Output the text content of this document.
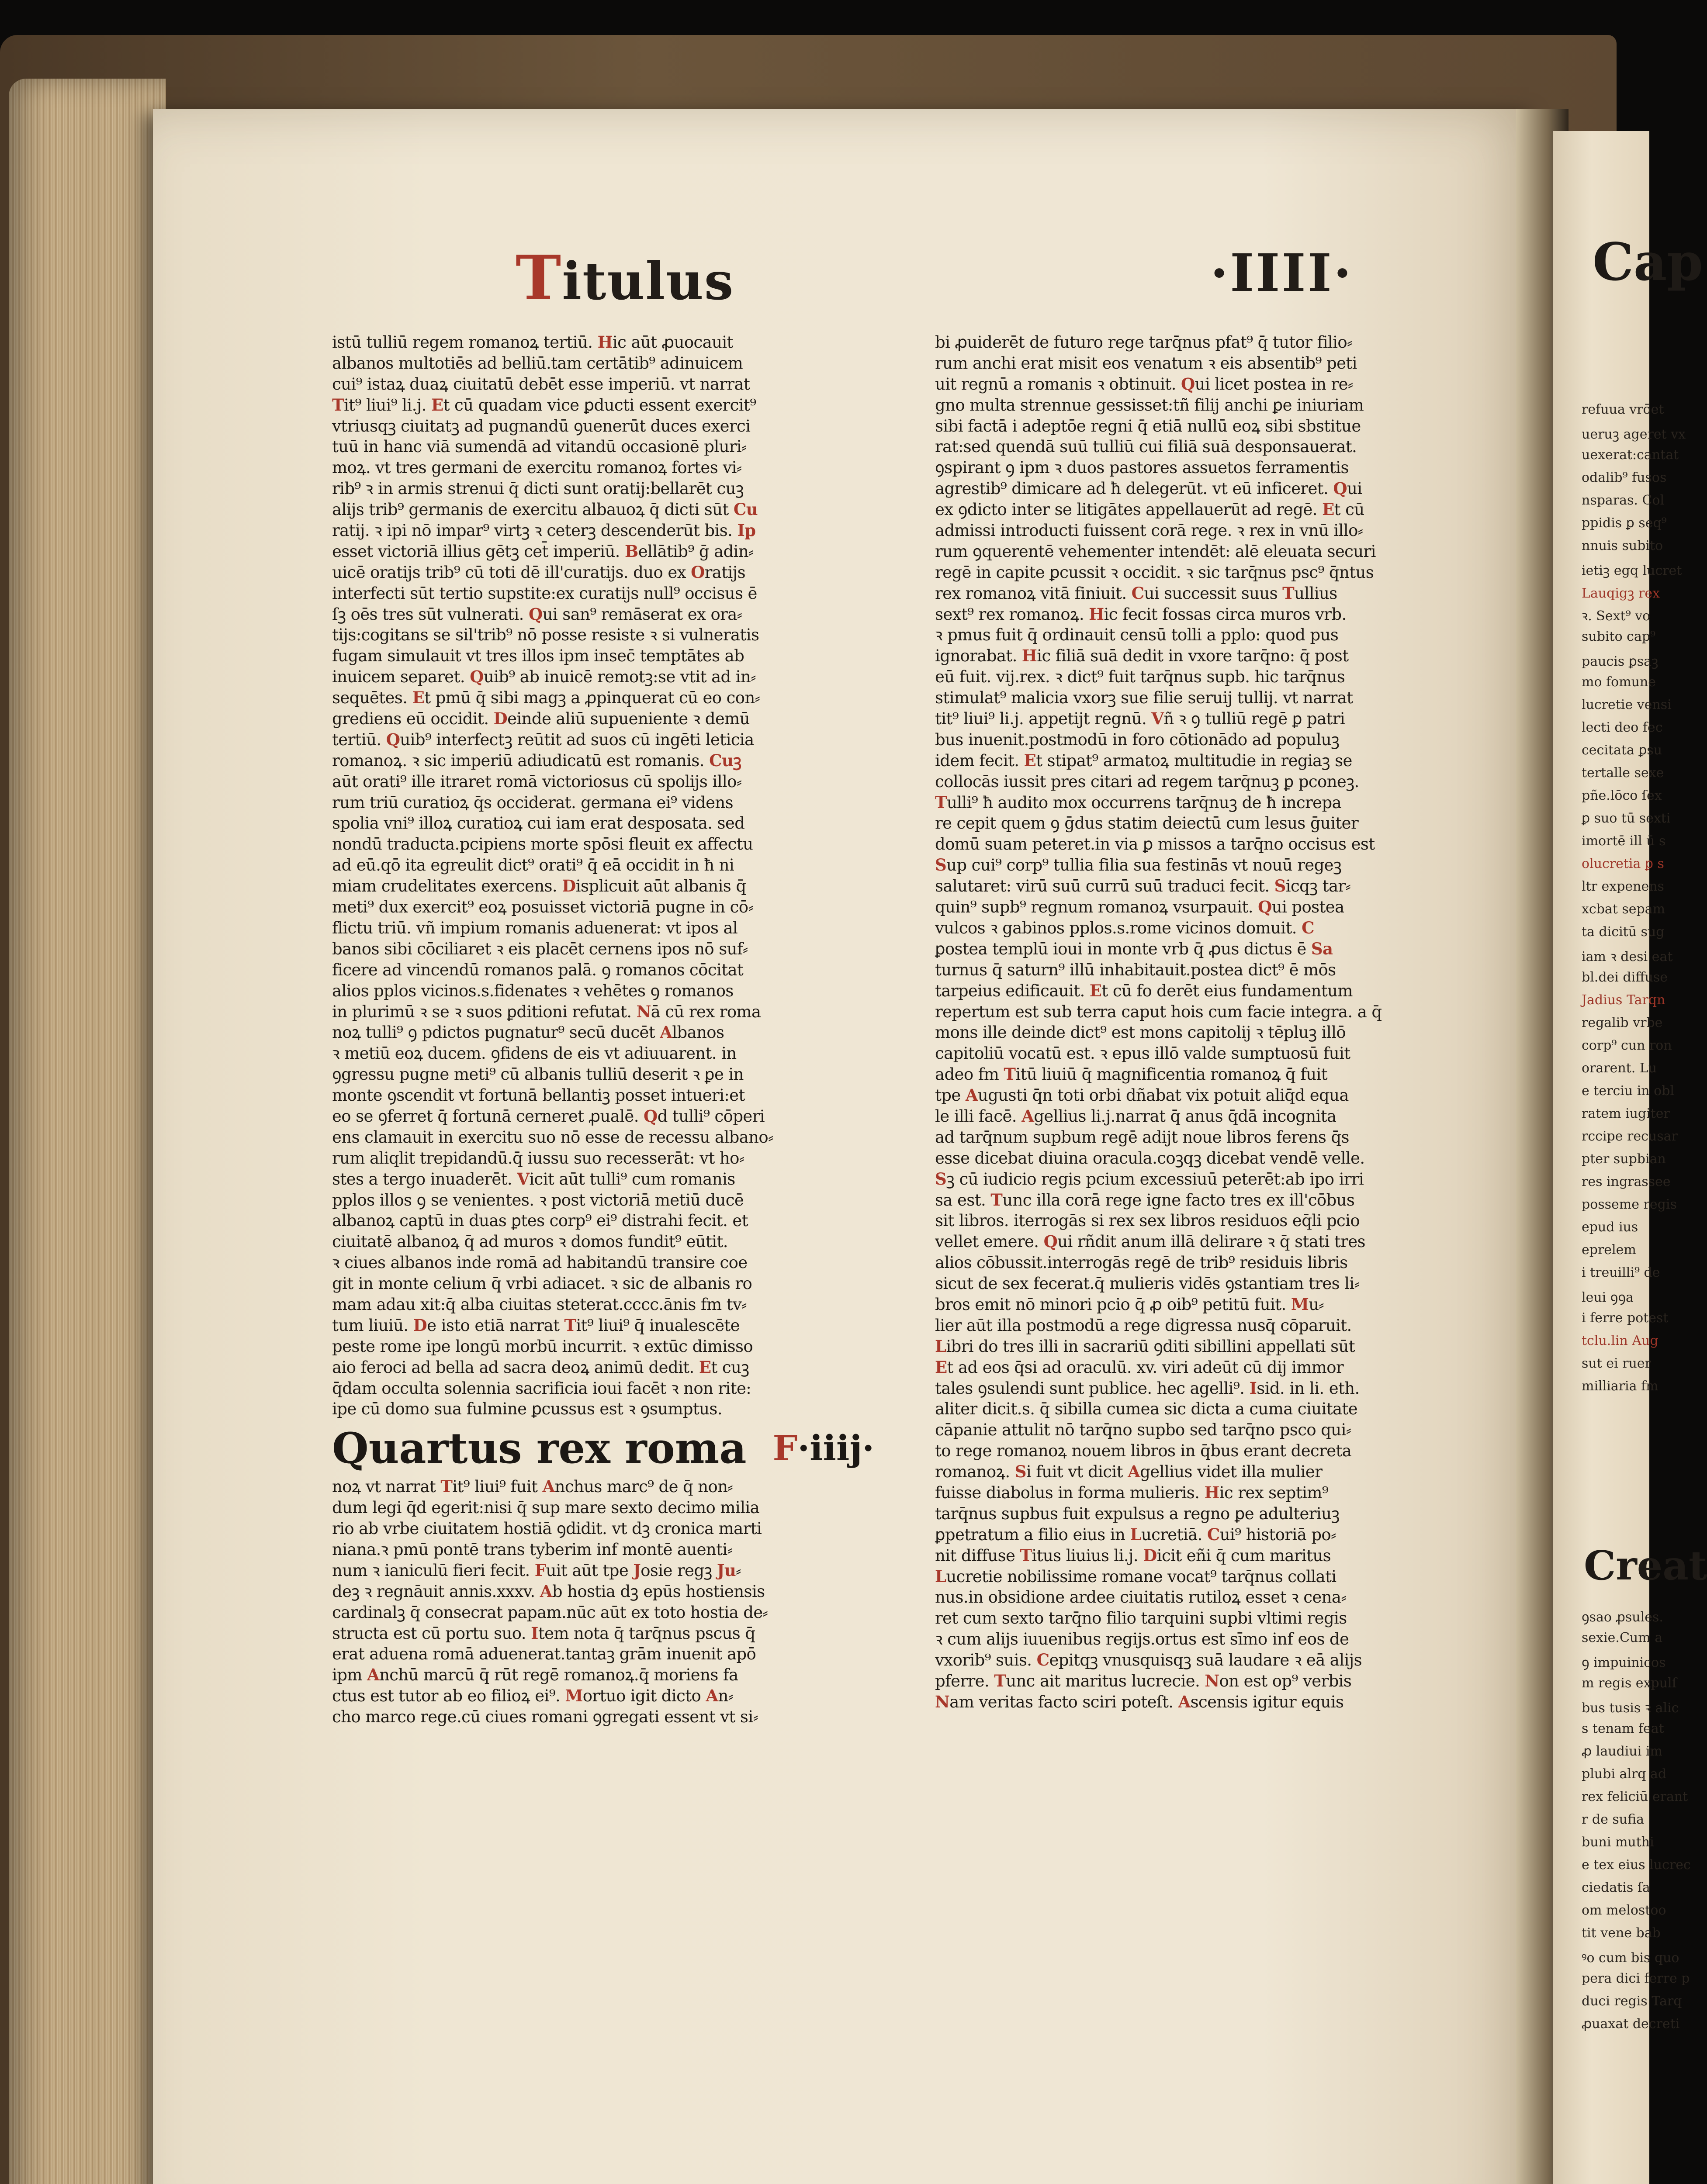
Cap
refuua vrōet
ueruꝫ ageret vx
uexerat:cantat
odalib⁹ fusos
nsparas. Col
ppidis ꝑ seq⁹
nnuis subito
ietiꝫ egq lucret
Lauqigꝫ rex
ꝛ. Sext⁹ vo
subito cap⁹
paucis ꝑsaꝫ
mo fomune
lucretie vensi
lecti deo fec
cecitata ꝑsu
tertalle sexe
pñe.lōco ſex
ꝑ suo tū sexti
imortē ill ū s
olucretia ꝑ s
ltr expenens
xcbat sepam
ta dicitū sug
iam ꝛ desi eat
bl.dei diffuse
Jadius Tarqn
regalib vrbe
corp⁹ cun ron
orarent. Lu
e terciu in obl
ratem iugiter
rccipe recusar
pter supbian
res ingrassee
posseme regis
epud ius
eprelem
i treuilli⁹ de
leui ꝯꝯa
i ferre potest
tclu.lin Aug
sut ei ruer
milliaria fm
Creat
ꝯsao ꝓsules.
sexie.Cum a
ꝯ impuinicos
m regis expulſ
bus tusis ꝛ alic
s tenam feat
ꝓ laudiui im
plubi alrq ad
rex feliciū erant
r de sufia
buni muthi
e tex eius lucrec
ciedatis ſa
om melostoo
tit vene bab
ꝰo cum bis quo
pera dici ferre p
duci regis Tarq
ꝓuaxat decreti
Titulus	·IIII·
istū tulliū regem romanoꝝ tertiū. Hic aūt ꝓuocauit
albanos multotiēs ad belliū.tam certātib⁹ adinuicem
cui⁹ istaꝝ duaꝝ ciuitatū debēt esse imperiū. vt narrat
Tit⁹ liui⁹ li.j. Et cū quadam vice ꝑducti essent exercit⁹
vtriusqꝫ ciuitatꝫ ad pugnandū ꝯuenerūt duces exerci
tuū in hanc viā sumendā ad vitandū occasionē pluri⸗
moꝝ. vt tres germani de exercitu romanoꝝ fortes vi⸗
rib⁹ ꝛ in armis strenui q̄ dicti sunt oratij:bellarēt cuꝫ
alijs trib⁹ germanis de exercitu albauoꝝ q̄ dicti sūt Cu
ratij. ꝛ ipi nō impar⁹ virtꝫ ꝛ ceterꝫ descenderūt bis. Ip
esset victoriā illius gētꝫ cet̄ imperiū. Bellātib⁹ ḡ adin⸗
uicē oratijs trib⁹ cū toti dē ill'curatijs. duo ex Oratijs
interfecti sūt tertio supstite:ex curatijs null⁹ occisus ē
ſꝫ oēs tres sūt vulnerati. Qui san⁹ remāserat ex ora⸗
tijs:cogitans se sil'trib⁹ nō posse resiste ꝛ si vulneratis
fugam simulauit vt tres illos ipm insec̄ temptātes ab
inuicem separet. Quib⁹ ab inuicē remotꝫ:se vtit ad in⸗
sequētes. Et pmū q̄ sibi magꝫ a ꝓpinquerat cū eo con⸗
grediens eū occidit. Deinde aliū supueniente ꝛ demū
tertiū. Quib⁹ interfectꝫ reūtit ad suos cū ingēti leticia
romanoꝝ. ꝛ sic imperiū adiudicatū est romanis. Cuꝫ
aūt orati⁹ ille itraret romā victoriosus cū spolijs illo⸗
rum triū curatioꝝ q̄s occiderat. germana ei⁹ videns
spolia vni⁹ illoꝝ curatioꝝ cui iam erat desposata. sed
nondū traducta.pcipiens morte spōsi fleuit ex affectu
ad eū.qō ita egreulit dict⁹ orati⁹ q̄ eā occidit in ħ ni
miam crudelitates exercens. Displicuit aūt albanis q̄
meti⁹ dux exercit⁹ eoꝝ posuisset victoriā pugne in cō⸗
flictu triū. vñ impium romanis aduenerat: vt ipos al
banos sibi cōciliaret ꝛ eis placēt cernens ipos nō suf⸗
ficere ad vincendū romanos palā. ꝯ romanos cōcitat
alios pplos vicinos.s.fidenates ꝛ vehētes ꝯ romanos
in plurimū ꝛ se ꝛ suos ꝑditioni refutat. Nā cū rex roma
noꝝ tulli⁹ ꝯ pdictos pugnatur⁹ secū ducēt Albanos
ꝛ metiū eoꝝ ducem. ꝯfidens de eis vt adiuuarent. in
ꝯgressu pugne meti⁹ cū albanis tulliū deserit ꝛ ꝑe in
monte ꝯscendit vt fortunā bellantiꝫ posset intueri:et
eo se ꝯferret q̄ fortunā cerneret ꝓualē. Qd tulli⁹ cōperi
ens clamauit in exercitu suo nō esse de recessu albano⸗
rum aliqlit trepidandū.q̄ iussu suo recesserāt: vt ho⸗
stes a tergo inuaderēt. Vicit aūt tulli⁹ cum romanis
pplos illos ꝯ se venientes. ꝛ post victoriā metiū ducē
albanoꝝ captū in duas ꝑtes corp⁹ ei⁹ distrahi fecit. et
ciuitatē albanoꝝ q̄ ad muros ꝛ domos fundit⁹ eūtit.
ꝛ ciues albanos inde romā ad habitandū transire coe
git in monte celium q̄ vrbi adiacet. ꝛ sic de albanis ro
mam adau xit:q̄ alba ciuitas steterat.cccc.ānis fm tv⸗
tum liuiū. De isto etiā narrat Tit⁹ liui⁹ q̄ inualescēte
peste rome ipe longū morbū incurrit. ꝛ extūc dimisso
aio feroci ad bella ad sacra deoꝝ animū dedit. Et cuꝫ
q̄dam occulta solennia sacrificia ioui facēt ꝛ non rite:
ipe cū domo sua fulmine ꝑcussus est ꝛ ꝯsumptus.
Quartus rex roma F·iiij·
noꝝ vt narrat Tit⁹ liui⁹ fuit Anchus marc⁹ de q̄ non⸗
dum legi q̄d egerit:nisi q̄ sup mare sexto decimo milia
rio ab vrbe ciuitatem hostiā ꝯdidit. vt dꝫ cronica marti
niana.ꝛ pmū pontē trans tyberim inf montē auenti⸗
num ꝛ ianiculū fieri fecit. Fuit aūt tpe Josie regꝫ Ju⸗
deꝫ ꝛ regnāuit annis.xxxv. Ab hostia dꝫ epūs hostiensis
cardinalꝫ q̄ consecrat papam.nūc aūt ex toto hostia de⸗
structa est cū portu suo. Item nota q̄ tarq̄nus pscus q̄
erat aduena romā aduenerat.tantaꝫ grām inuenit apō
ipm Anchū marcū q̄ rūt regē romanoꝝ.q̄ moriens fa
ctus est tutor ab eo filioꝝ ei⁹. Mortuo igit dicto An⸗
cho marco rege.cū ciues romani ꝯgregati essent vt si⸗
bi ꝓuiderēt de futuro rege tarq̄nus pfat⁹ q̄ tutor filio⸗
rum anchi erat misit eos venatum ꝛ eis absentib⁹ peti
uit regnū a romanis ꝛ obtinuit. Qui licet postea in re⸗
gno multa strennue gessisset:tñ filij anchi ꝑe iniuriam
sibi factā i adeptōe regni q̄ etiā nullū eoꝝ sibi sbstitue
rat:sed quendā suū tulliū cui filiā suā desponsauerat.
ꝯspirant ꝯ ipm ꝛ duos pastores assuetos ferramentis
agrestib⁹ dimicare ad ħ delegerūt. vt eū inficeret. Qui
ex ꝯdicto inter se litigātes appellauerūt ad regē. Et cū
admissi introducti fuissent corā rege. ꝛ rex in vnū illo⸗
rum ꝯquerentē vehementer intendēt: alē eleuata securi
regē in capite ꝑcussit ꝛ occidit. ꝛ sic tarq̄nus psc⁹ q̄ntus
rex romanoꝝ vitā finiuit. Cui successit suus Tullius
sext⁹ rex romanoꝝ. Hic fecit fossas circa muros vrb.
ꝛ pmus fuit q̄ ordinauit censū tolli a pplo: quod pus
ignorabat. Hic filiā suā dedit in vxore tarq̄no: q̄ post
eū fuit. vij.rex. ꝛ dict⁹ fuit tarq̄nus supb. hic tarq̄nus
stimulat⁹ malicia vxorꝫ sue filie seruij tullij. vt narrat
tit⁹ liui⁹ li.j. appetijt regnū. Vñ ꝛ ꝯ tulliū regē ꝑ patri
bus inuenit.postmodū in foro cōtionādo ad populuꝫ
idem fecit. Et stipat⁹ armatoꝝ multitudie in regiaꝫ se
collocās iussit pres citari ad regem tarq̄nuꝫ ꝑ pconeꝫ.
Tulli⁹ ħ audito mox occurrens tarq̄nuꝫ de ħ increpa
re cepit quem ꝯ ḡdus statim deiectū cum lesus ḡuiter
domū suam peteret.in via ꝑ missos a tarq̄no occisus est
Sup cui⁹ corp⁹ tullia filia sua festinās vt nouū regeꝫ
salutaret: virū suū currū suū traduci fecit. Sicqꝫ tar⸗
quin⁹ supb⁹ regnum romanoꝝ vsurpauit. Qui postea
vulcos ꝛ gabinos pplos.s.rome vicinos domuit. C
ꝑostea templū ioui in monte vrb q̄ ꝓus dictus ē Sa
turnus q̄ saturn⁹ illū inhabitauit.postea dict⁹ ē mōs
tarpeius edificauit. Et cū fo derēt eius fundamentum
repertum est sub terra caput hois cum facie integra. a q̄
mons ille deinde dict⁹ est mons capitolij ꝛ tēpluꝫ illō
capitoliū vocatū est. ꝛ epus illō valde sumptuosū fuit
adeo fm Titū liuiū q̄ magnificentia romanoꝝ q̄ fuit
tpe Augusti q̄n toti orbi dñabat vix potuit aliq̄d equa
le illi facē. Agellius li.j.narrat q̄ anus q̄dā incognita
ad tarq̄num supbum regē adijt noue libros ferens q̄s
esse dicebat diuina oracula.coꝫqꝫ dicebat vendē velle.
Sꝫ cū iudicio regis pcium excessiuū peterēt:ab ipo irri
sa est. Tunc illa corā rege igne facto tres ex ill'cōbus
sit libros. iterrogās si rex sex libros residuos eq̄li pcio
vellet emere. Qui rñdit anum illā delirare ꝛ q̄ stati tres
alios cōbussit.interrogās regē de trib⁹ residuis libris
sicut de sex fecerat.q̄ mulieris vidēs ꝯstantiam tres li⸗
bros emit nō minori pcio q̄ ꝓ oib⁹ petitū fuit. Mu⸗
lier aūt illa postmodū a rege digressa nusq̄ cōparuit.
Libri do tres illi in sacrariū ꝯditi sibillini appellati sūt
Et ad eos q̄si ad oraculū. xv. viri adeūt cū dij immor
tales ꝯsulendi sunt publice. hec agelli⁹. Isid. in li. eth.
aliter dicit.s. q̄ sibilla cumea sic dicta a cuma ciuitate
cāpanie attulit nō tarq̄no supbo sed tarq̄no psco qui⸗
to rege romanoꝝ nouem libros in q̄bus erant decreta
romanoꝝ. Si fuit vt dicit Agellius videt illa mulier
fuisse diabolus in forma mulieris. Hic rex septim⁹
tarq̄nus supbus fuit expulsus a regno ꝑe adulteriuꝫ
ꝑpetratum a filio eius in Lucretiā. Cui⁹ historiā po⸗
nit diffuse Titus liuius li.j. Dicit eñi q̄ cum maritus
Lucretie nobilissime romane vocat⁹ tarq̄nus collati
nus.in obsidione ardee ciuitatis rutiloꝝ esset ꝛ cena⸗
ret cum sexto tarq̄no filio tarquini supbi vltimi regis
ꝛ cum alijs iuuenibus regijs.ortus est sīmo inf eos de
vxorib⁹ suis. Cepitqꝫ vnusquisqꝫ suā laudare ꝛ eā alijs
pferre. Tunc ait maritus lucrecie. Non est op⁹ verbis
Nam veritas facto sciri poteſt. Ascensis igitur equis
